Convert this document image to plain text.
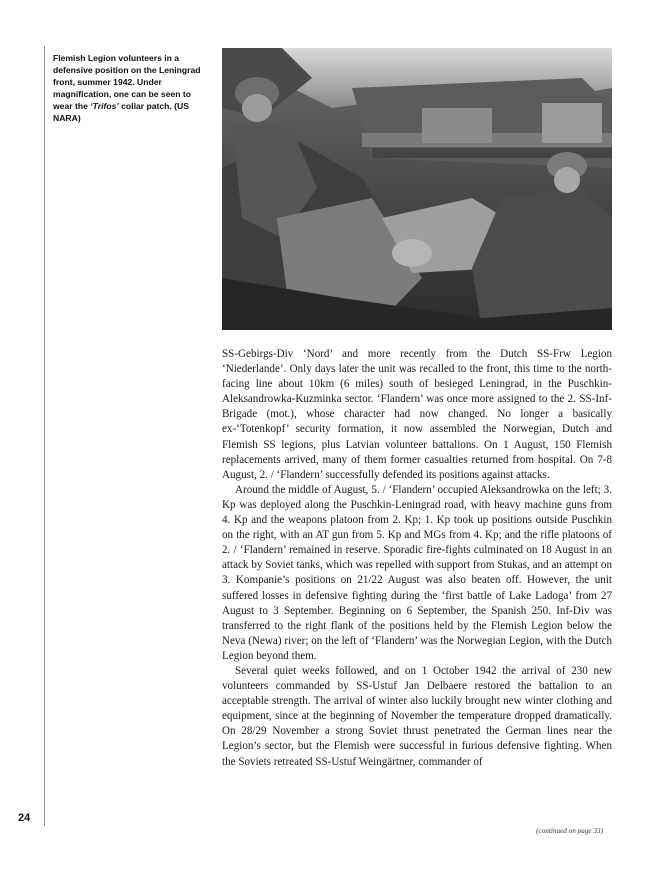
Flemish Legion volunteers in a defensive position on the Leningrad front, summer 1942. Under magnification, one can be seen to wear the ‘Trifos’ collar patch. (US NARA)

SS-Gebirgs-Div ‘Nord’ and more recently from the Dutch SS-Frw Legion ‘Niederlande’. Only days later the unit was recalled to the front, this time to the north-facing line about 10km (6 miles) south of besieged Leningrad, in the Puschkin-Aleksandrowka-Kuzminka sector. ‘Flandern’ was once more assigned to the 2. SS-Inf-Brigade (mot.), whose character had now changed. No longer a basically ex-‘Totenkopf’ security formation, it now assembled the Norwegian, Dutch and Flemish SS legions, plus Latvian volunteer battalions. On 1 August, 150 Flemish replacements arrived, many of them former casualties returned from hospital. On 7-8 August, 2. / ‘Flandern’ successfully defended its positions against attacks.

Around the middle of August, 5. / ‘Flandern’ occupied Aleksandrowka on the left; 3. Kp was deployed along the Puschkin-Leningrad road, with heavy machine guns from 4. Kp and the weapons platoon from 2. Kp; 1. Kp took up positions outside Puschkin on the right, with an AT gun from 5. Kp and MGs from 4. Kp; and the rifle platoons of 2. / ‘Flandern’ remained in reserve. Sporadic fire-fights culminated on 18 August in an attack by Soviet tanks, which was repelled with support from Stukas, and an attempt on 3. Kompanie’s positions on 21/22 August was also beaten off. However, the unit suffered losses in defensive fighting during the ‘first battle of Lake Ladoga’ from 27 August to 3 September. Beginning on 6 September, the Spanish 250. Inf-Div was transferred to the right flank of the positions held by the Flemish Legion below the Neva (Newa) river; on the left of ‘Flandern’ was the Norwegian Legion, with the Dutch Legion beyond them.

Several quiet weeks followed, and on 1 October 1942 the arrival of 230 new volunteers commanded by SS-Ustuf Jan Delbaere restored the battalion to an acceptable strength. The arrival of winter also luckily brought new winter clothing and equipment, since at the beginning of November the temperature dropped dramatically. On 28/29 November a strong Soviet thrust penetrated the German lines near the Legion’s sector, but the Flemish were successful in furious defensive fighting. When the Soviets retreated SS-Ustuf Weingärtner, commander of

(continued on page 33)
24
